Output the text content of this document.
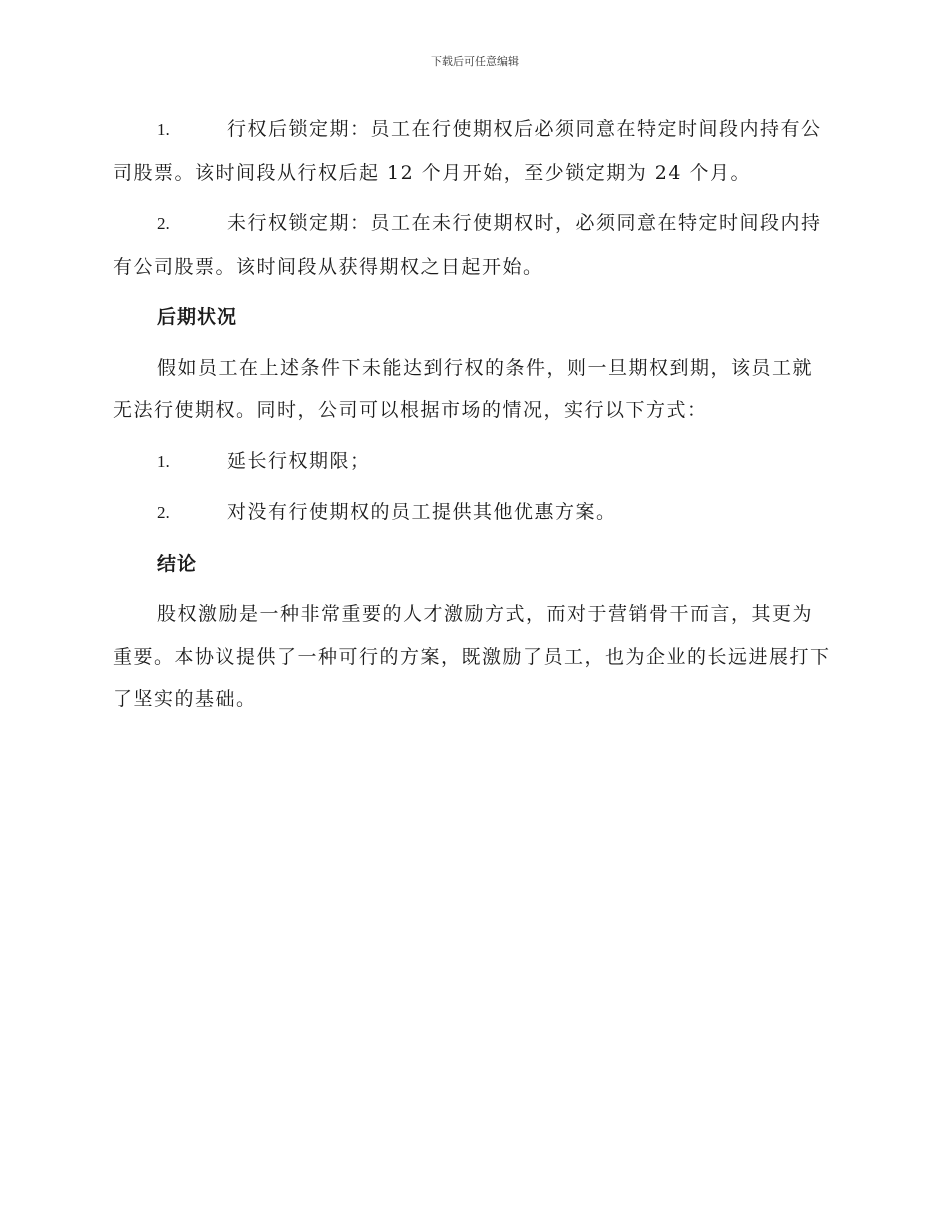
下载后可任意编辑
1.	行权后锁定期：员工在行使期权后必须同意在特定时间段内持有公司股票。该时间段从行权后起 12 个月开始，至少锁定期为 24 个月。
2.	未行权锁定期：员工在未行使期权时，必须同意在特定时间段内持有公司股票。该时间段从获得期权之日起开始。
后期状况

假如员工在上述条件下未能达到行权的条件，则一旦期权到期，该员工就无法行使期权。同时，公司可以根据市场的情况，实行以下方式：

1.	延长行权期限；
2.	对没有行使期权的员工提供其他优惠方案。
结论

股权激励是一种非常重要的人才激励方式，而对于营销骨干而言，其更为重要。本协议提供了一种可行的方案，既激励了员工，也为企业的长远进展打下了坚实的基础。
